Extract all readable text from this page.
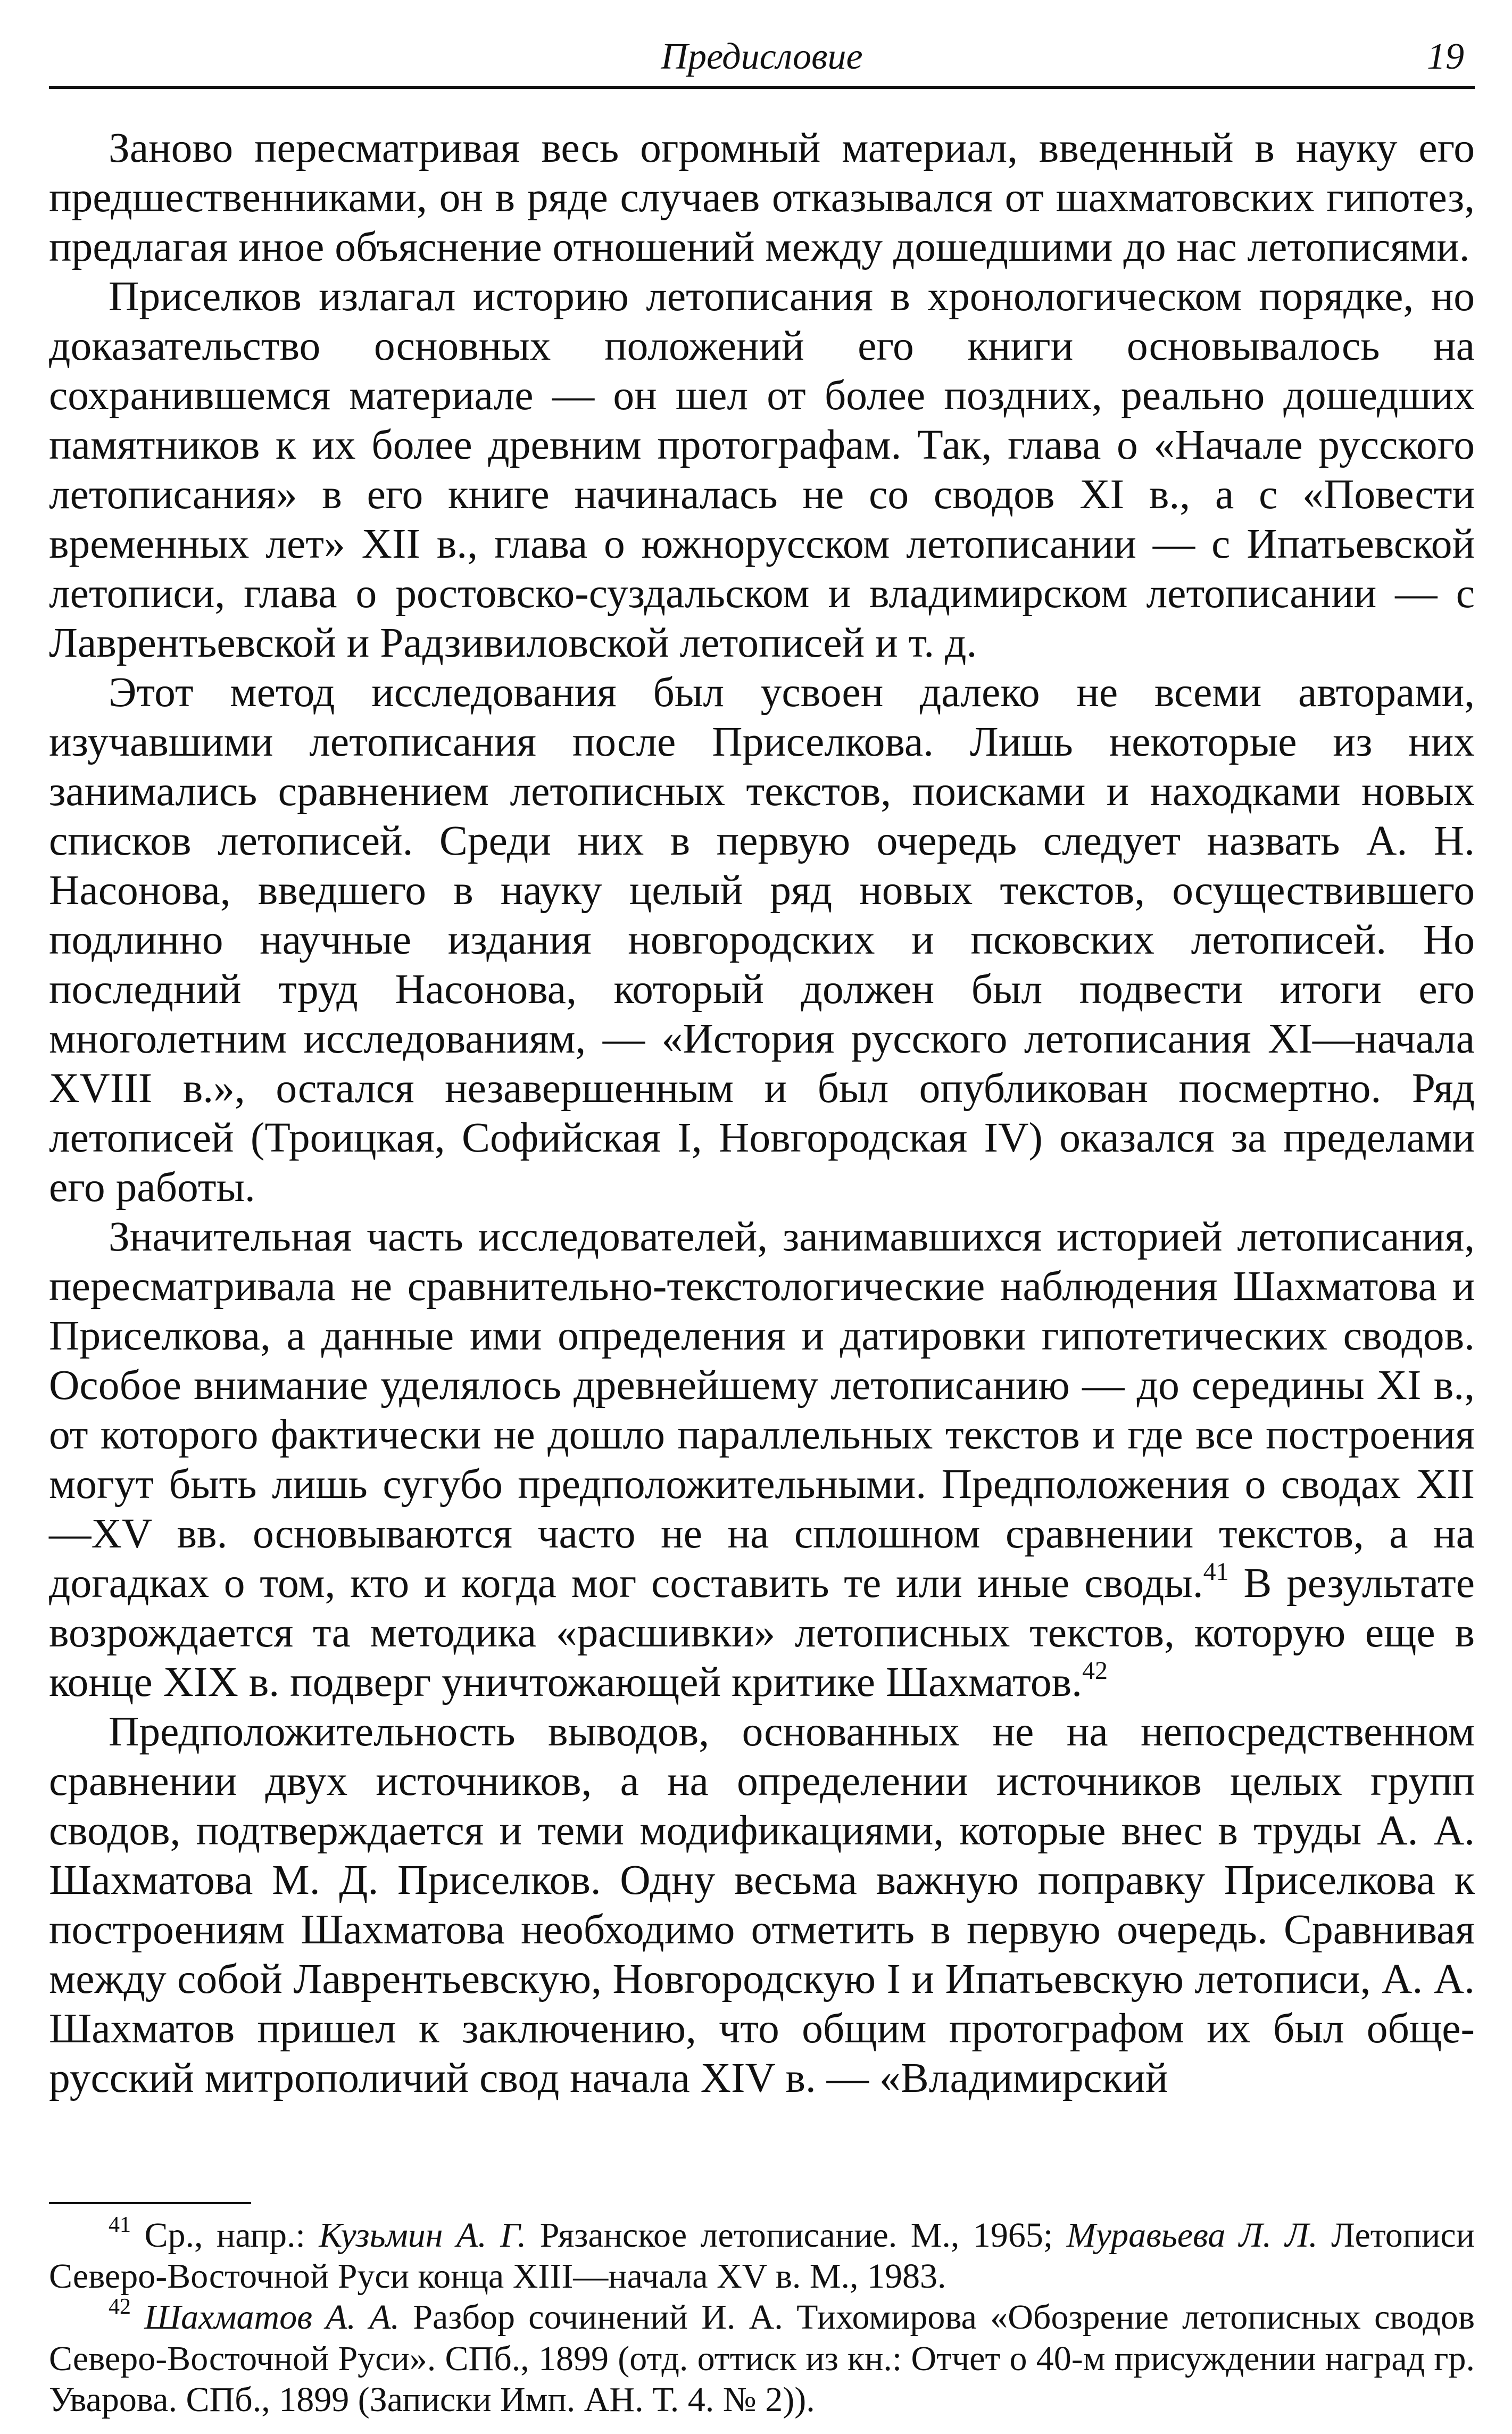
Предисловие	19

Заново пересматривая весь огромный материал, введенный в науку его предшественниками, он в ряде случаев отказывался от шахматовских гипотез, предлагая иное объяснение отношений между дошедшими до нас летописями.

Приселков излагал историю летописания в хронологическом порядке, но доказательство основных положений его книги основывалось на сохранившемся материале — он шел от более поздних, реально дошедших памятников к их более древним протографам. Так, глава о «Начале русского летописания» в его книге начиналась не со сводов XI в., а с «Повести временных лет» XII в., глава о южнорусском летописании — с Ипатьевской летописи, глава о ростовско-суздальском и владимирском летописании — с Лаврентьевской и Радзивиловской летописей и т. д.

Этот метод исследования был усвоен далеко не всеми авторами, изучавшими летописания после Приселкова. Лишь некоторые из них занимались сравнением летописных текстов, поисками и находками новых списков летописей. Среди них в первую очередь следует назвать А. Н. Насонова, введшего в науку целый ряд новых текстов, осуществившего подлинно научные издания новгородских и псковских летописей. Но последний труд Насонова, который должен был подвести итоги его многолетним исследованиям, — «История русского летописания XI—начала XVIII в.», остался незавершенным и был опубликован посмертно. Ряд летописей (Троицкая, Софийская I, Новгородская IV) оказался за пределами его работы.

Значительная часть исследователей, занимавшихся историей летописания, пересматривала не сравнительно-текстологические наблюдения Шахматова и Приселкова, а данные ими определения и датировки гипотетических сводов. Особое внимание уделялось древнейшему летописанию — до середины XI в., от которого фактически не дошло параллельных текстов и где все построения могут быть лишь сугубо предположительными. Предположения о сводах XII—XV вв. основываются часто не на сплошном сравнении текстов, а на догадках о том, кто и когда мог составить те или иные своды.$^{41}$ В результате возрождается та методика «расшивки» летописных текстов, которую еще в конце XIX в. подверг уничтожающей критике Шахматов.$^{42}$

Предположительность выводов, основанных не на непосредственном сравнении двух источников, а на определении источников целых групп сводов, подтверждается и теми модификациями, которые внес в труды А. А. Шахматова М. Д. Приселков. Одну весьма важную поправку Приселкова к построениям Шахматова необходимо отметить в первую очередь. Сравнивая между собой Лаврентьевскую, Новгородскую I и Ипатьевскую летописи, А. А. Шахматов пришел к заключению, что общим протографом их был общерусский митрополичий свод начала XIV в. — «Владимирский

$^{41}$ Ср., напр.: Кузьмин А. Г. Рязанское летописание. М., 1965; Муравьева Л. Л. Летописи Северо-Восточной Руси конца XIII—начала XV в. М., 1983.

$^{42}$ Шахматов А. А. Разбор сочинений И. А. Тихомирова «Обозрение летописных сводов Северо-Восточной Руси». СПб., 1899 (отд. оттиск из кн.: Отчет о 40-м присуждении наград гр. Уварова. СПб., 1899 (Записки Имп. АН. Т. 4. № 2)).
